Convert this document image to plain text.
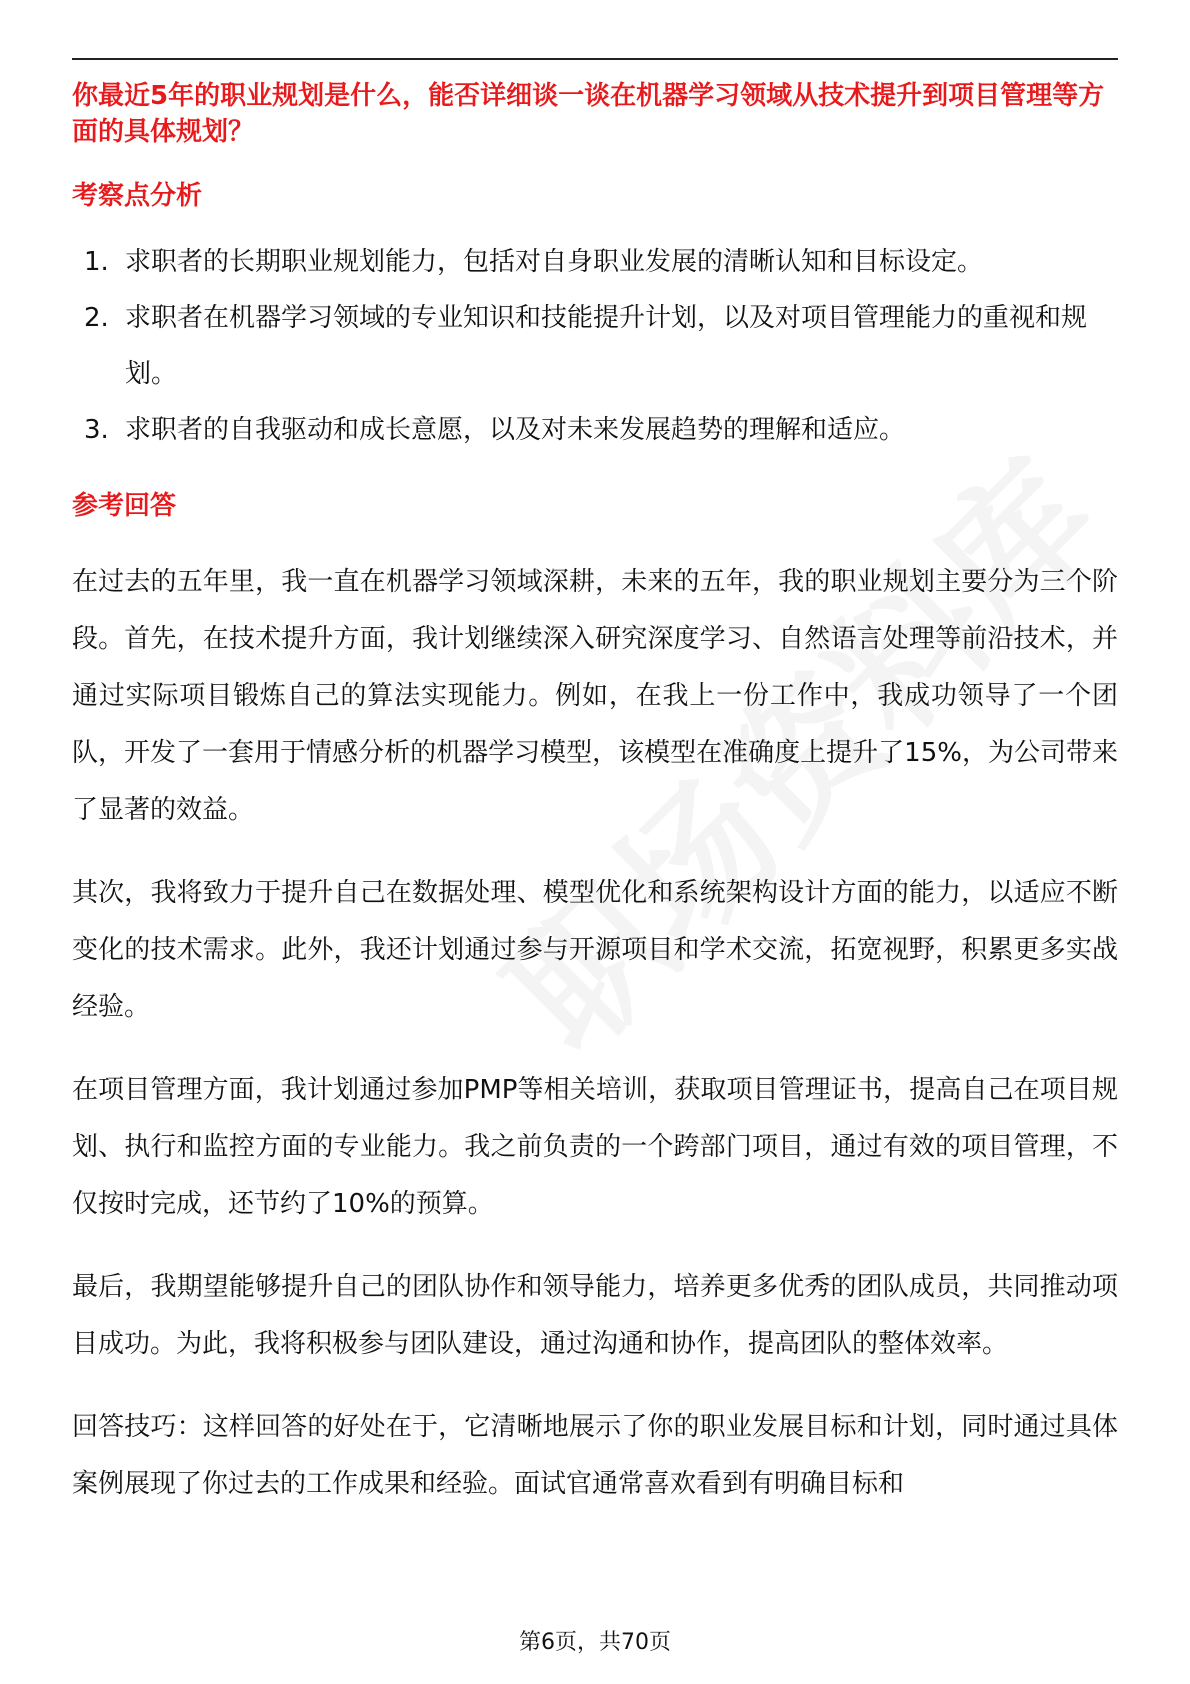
你最近5年的职业规划是什么，能否详细谈一谈在机器学习领域从技术提升到项目管理等方面的具体规划？

考察点分析

1. 求职者的长期职业规划能力，包括对自身职业发展的清晰认知和目标设定。
2. 求职者在机器学习领域的专业知识和技能提升计划，以及对项目管理能力的重视和规划。
3. 求职者的自我驱动和成长意愿，以及对未来发展趋势的理解和适应。

参考回答

在过去的五年里，我一直在机器学习领域深耕，未来的五年，我的职业规划主要分为三个阶段。首先，在技术提升方面，我计划继续深入研究深度学习、自然语言处理等前沿技术，并通过实际项目锻炼自己的算法实现能力。例如，在我上一份工作中，我成功领导了一个团队，开发了一套用于情感分析的机器学习模型，该模型在准确度上提升了15%，为公司带来了显著的效益。

其次，我将致力于提升自己在数据处理、模型优化和系统架构设计方面的能力，以适应不断变化的技术需求。此外，我还计划通过参与开源项目和学术交流，拓宽视野，积累更多实战经验。

在项目管理方面，我计划通过参加PMP等相关培训，获取项目管理证书，提高自己在项目规划、执行和监控方面的专业能力。我之前负责的一个跨部门项目，通过有效的项目管理，不仅按时完成，还节约了10%的预算。

最后，我期望能够提升自己的团队协作和领导能力，培养更多优秀的团队成员，共同推动项目成功。为此，我将积极参与团队建设，通过沟通和协作，提高团队的整体效率。

回答技巧：这样回答的好处在于，它清晰地展示了你的职业发展目标和计划，同时通过具体案例展现了你过去的工作成果和经验。面试官通常喜欢看到有明确目标和

第6页，共70页
